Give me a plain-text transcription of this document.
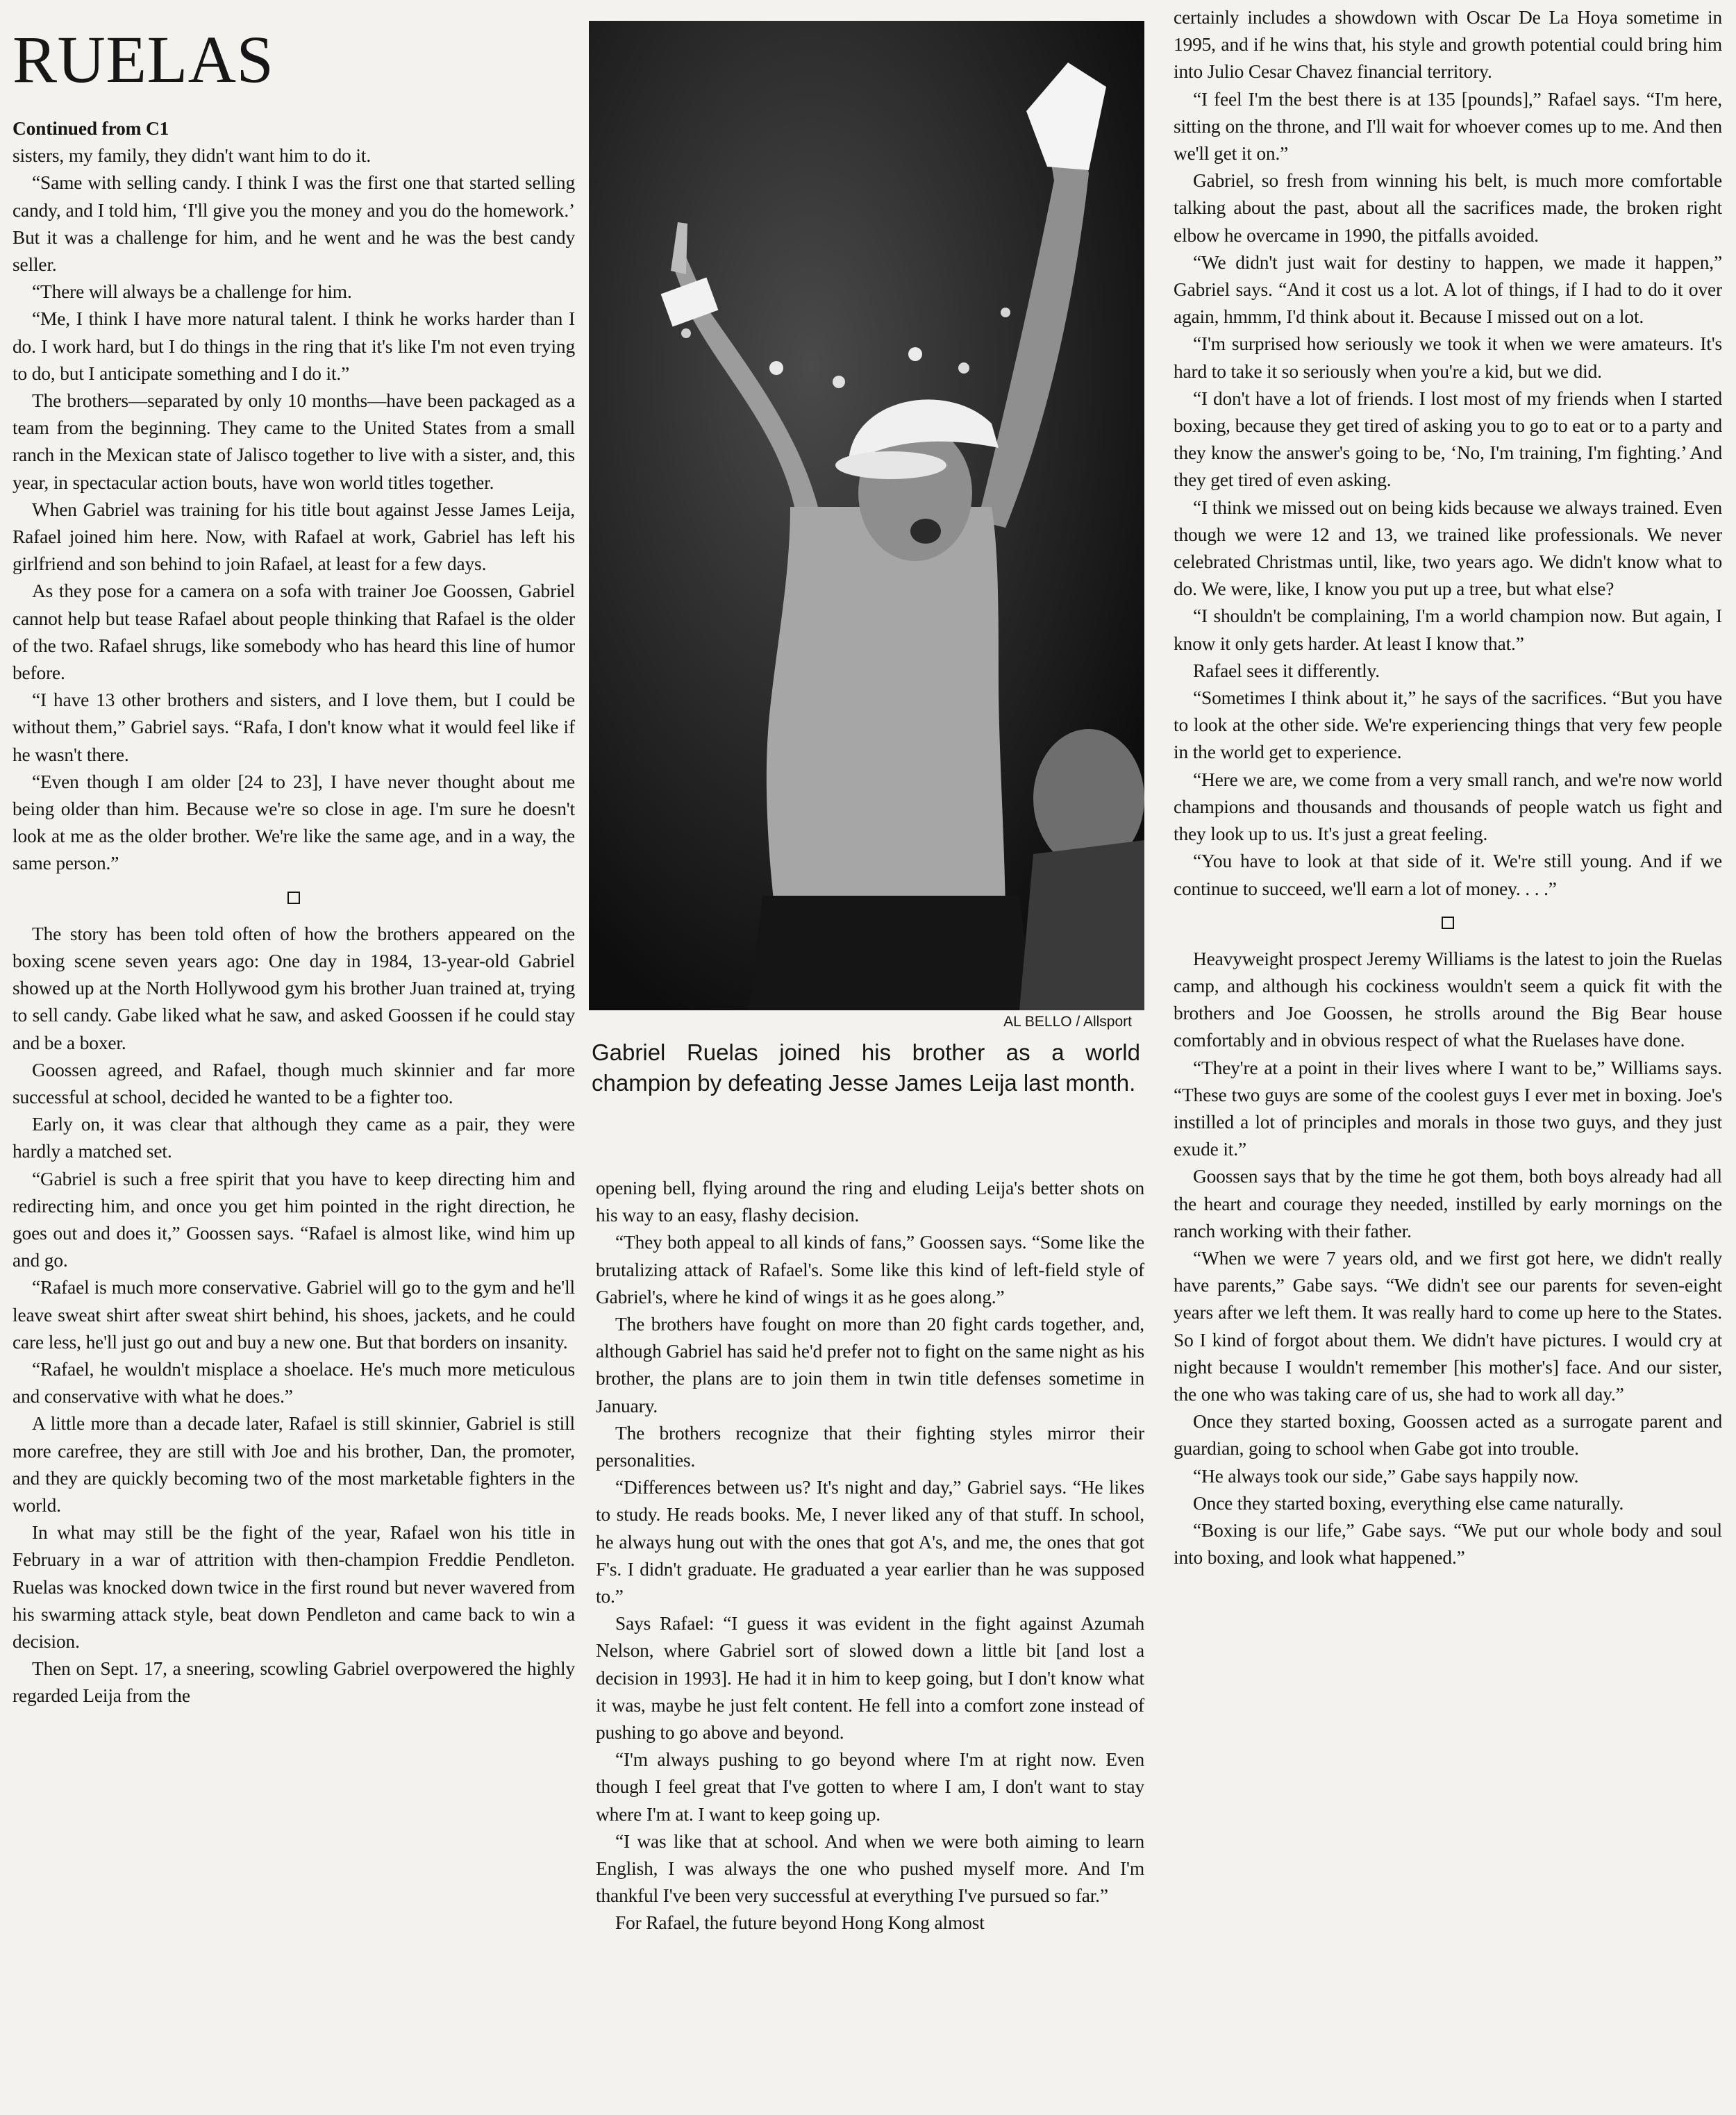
RUELAS

Continued from C1

sisters, my family, they didn't want him to do it.

“Same with selling candy. I think I was the first one that started selling candy, and I told him, ‘I'll give you the money and you do the homework.’ But it was a challenge for him, and he went and he was the best candy seller.

“There will always be a challenge for him.

“Me, I think I have more natural talent. I think he works harder than I do. I work hard, but I do things in the ring that it's like I'm not even trying to do, but I anticipate something and I do it.”

The brothers—separated by only 10 months—have been packaged as a team from the beginning. They came to the United States from a small ranch in the Mexican state of Jalisco together to live with a sister, and, this year, in spectacular action bouts, have won world titles together.

When Gabriel was training for his title bout against Jesse James Leija, Rafael joined him here. Now, with Rafael at work, Gabriel has left his girlfriend and son behind to join Rafael, at least for a few days.

As they pose for a camera on a sofa with trainer Joe Goossen, Gabriel cannot help but tease Rafael about people thinking that Rafael is the older of the two. Rafael shrugs, like somebody who has heard this line of humor before.

“I have 13 other brothers and sisters, and I love them, but I could be without them,” Gabriel says. “Rafa, I don't know what it would feel like if he wasn't there.

“Even though I am older [24 to 23], I have never thought about me being older than him. Because we're so close in age. I'm sure he doesn't look at me as the older brother. We're like the same age, and in a way, the same person.”

The story has been told often of how the brothers appeared on the boxing scene seven years ago: One day in 1984, 13-year-old Gabriel showed up at the North Hollywood gym his brother Juan trained at, trying to sell candy. Gabe liked what he saw, and asked Goossen if he could stay and be a boxer.

Goossen agreed, and Rafael, though much skinnier and far more successful at school, decided he wanted to be a fighter too.

Early on, it was clear that although they came as a pair, they were hardly a matched set.

“Gabriel is such a free spirit that you have to keep directing him and redirecting him, and once you get him pointed in the right direction, he goes out and does it,” Goossen says. “Rafael is almost like, wind him up and go.

“Rafael is much more conservative. Gabriel will go to the gym and he'll leave sweat shirt after sweat shirt behind, his shoes, jackets, and he could care less, he'll just go out and buy a new one. But that borders on insanity.

“Rafael, he wouldn't misplace a shoelace. He's much more meticulous and conservative with what he does.”

A little more than a decade later, Rafael is still skinnier, Gabriel is still more carefree, they are still with Joe and his brother, Dan, the promoter, and they are quickly becoming two of the most marketable fighters in the world.

In what may still be the fight of the year, Rafael won his title in February in a war of attrition with then-champion Freddie Pendleton. Ruelas was knocked down twice in the first round but never wavered from his swarming attack style, beat down Pendleton and came back to win a decision.

Then on Sept. 17, a sneering, scowling Gabriel overpowered the highly regarded Leija from the

AL BELLO / Allsport

Gabriel Ruelas joined his brother as a world champion by defeating Jesse James Leija last month.

opening bell, flying around the ring and eluding Leija's better shots on his way to an easy, flashy decision.

“They both appeal to all kinds of fans,” Goossen says. “Some like the brutalizing attack of Rafael's. Some like this kind of left-field style of Gabriel's, where he kind of wings it as he goes along.”

The brothers have fought on more than 20 fight cards together, and, although Gabriel has said he'd prefer not to fight on the same night as his brother, the plans are to join them in twin title defenses sometime in January.

The brothers recognize that their fighting styles mirror their personalities.

“Differences between us? It's night and day,” Gabriel says. “He likes to study. He reads books. Me, I never liked any of that stuff. In school, he always hung out with the ones that got A's, and me, the ones that got F's. I didn't graduate. He graduated a year earlier than he was supposed to.”

Says Rafael: “I guess it was evident in the fight against Azumah Nelson, where Gabriel sort of slowed down a little bit [and lost a decision in 1993]. He had it in him to keep going, but I don't know what it was, maybe he just felt content. He fell into a comfort zone instead of pushing to go above and beyond.

“I'm always pushing to go beyond where I'm at right now. Even though I feel great that I've gotten to where I am, I don't want to stay where I'm at. I want to keep going up.

“I was like that at school. And when we were both aiming to learn English, I was always the one who pushed myself more. And I'm thankful I've been very successful at everything I've pursued so far.”

For Rafael, the future beyond Hong Kong almost

certainly includes a showdown with Oscar De La Hoya sometime in 1995, and if he wins that, his style and growth potential could bring him into Julio Cesar Chavez financial territory.

“I feel I'm the best there is at 135 [pounds],” Rafael says. “I'm here, sitting on the throne, and I'll wait for whoever comes up to me. And then we'll get it on.”

Gabriel, so fresh from winning his belt, is much more comfortable talking about the past, about all the sacrifices made, the broken right elbow he overcame in 1990, the pitfalls avoided.

“We didn't just wait for destiny to happen, we made it happen,” Gabriel says. “And it cost us a lot. A lot of things, if I had to do it over again, hmmm, I'd think about it. Because I missed out on a lot.

“I'm surprised how seriously we took it when we were amateurs. It's hard to take it so seriously when you're a kid, but we did.

“I don't have a lot of friends. I lost most of my friends when I started boxing, because they get tired of asking you to go to eat or to a party and they know the answer's going to be, ‘No, I'm training, I'm fighting.’ And they get tired of even asking.

“I think we missed out on being kids because we always trained. Even though we were 12 and 13, we trained like professionals. We never celebrated Christmas until, like, two years ago. We didn't know what to do. We were, like, I know you put up a tree, but what else?

“I shouldn't be complaining, I'm a world champion now. But again, I know it only gets harder. At least I know that.”

Rafael sees it differently.

“Sometimes I think about it,” he says of the sacrifices. “But you have to look at the other side. We're experiencing things that very few people in the world get to experience.

“Here we are, we come from a very small ranch, and we're now world champions and thousands and thousands of people watch us fight and they look up to us. It's just a great feeling.

“You have to look at that side of it. We're still young. And if we continue to succeed, we'll earn a lot of money. . . .”

Heavyweight prospect Jeremy Williams is the latest to join the Ruelas camp, and although his cockiness wouldn't seem a quick fit with the brothers and Joe Goossen, he strolls around the Big Bear house comfortably and in obvious respect of what the Ruelases have done.

“They're at a point in their lives where I want to be,” Williams says. “These two guys are some of the coolest guys I ever met in boxing. Joe's instilled a lot of principles and morals in those two guys, and they just exude it.”

Goossen says that by the time he got them, both boys already had all the heart and courage they needed, instilled by early mornings on the ranch working with their father.

“When we were 7 years old, and we first got here, we didn't really have parents,” Gabe says. “We didn't see our parents for seven-eight years after we left them. It was really hard to come up here to the States. So I kind of forgot about them. We didn't have pictures. I would cry at night because I wouldn't remember [his mother's] face. And our sister, the one who was taking care of us, she had to work all day.”

Once they started boxing, Goossen acted as a surrogate parent and guardian, going to school when Gabe got into trouble.

“He always took our side,” Gabe says happily now.

Once they started boxing, everything else came naturally.

“Boxing is our life,” Gabe says. “We put our whole body and soul into boxing, and look what happened.”
